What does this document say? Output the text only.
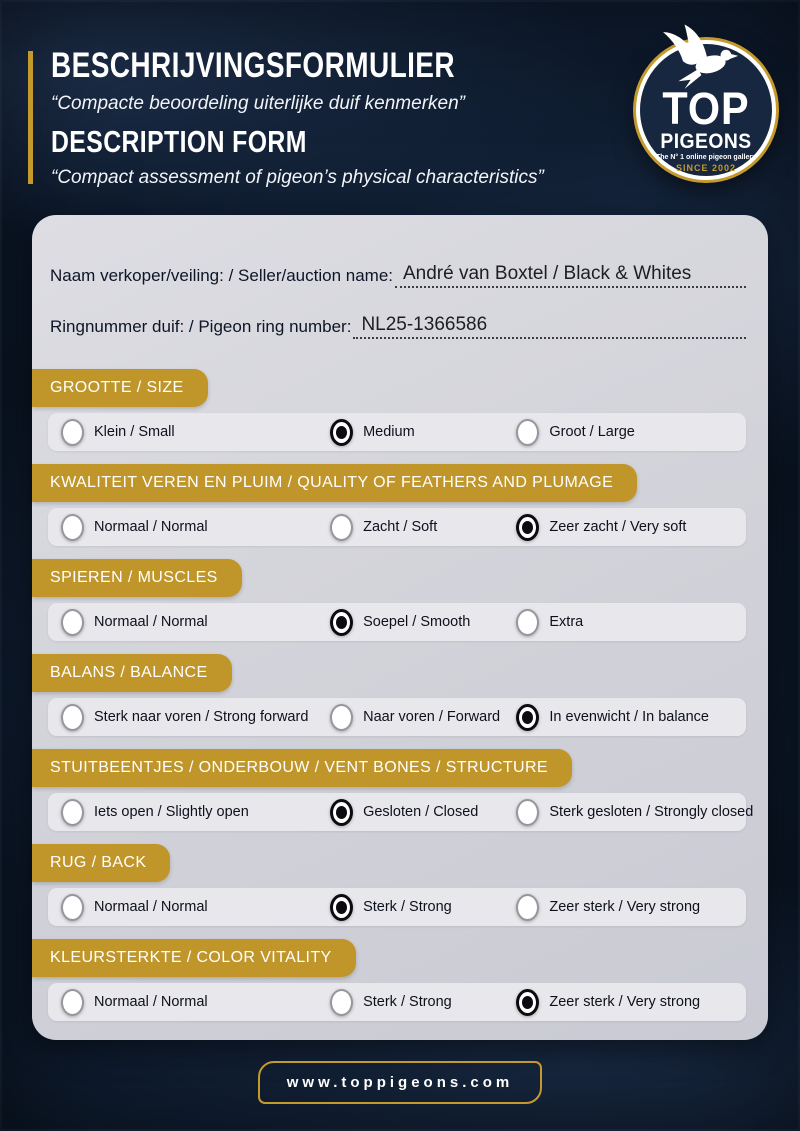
BESCHRIJVINGSFORMULIER

“Compacte beoordeling uiterlijke duif kenmerken”

DESCRIPTION FORM

“Compact assessment of pigeon’s physical characteristics”

TOP
PIGEONS
The N° 1 online pigeon gallery
SINCE 2002
Naam verkoper/veiling: / Seller/auction name: André van Boxtel / Black & Whites
Ringnummer duif: / Pigeon ring number: NL25-1366586
GROOTTE / SIZE
Klein / Small	Medium	Groot / Large
KWALITEIT VEREN EN PLUIM / QUALITY OF FEATHERS AND PLUMAGE
Normaal / Normal	Zacht / Soft	Zeer zacht / Very soft
SPIEREN / MUSCLES
Normaal / Normal	Soepel / Smooth	Extra
BALANS / BALANCE
Sterk naar voren / Strong forward	Naar voren / Forward	In evenwicht / In balance
STUITBEENTJES / ONDERBOUW / VENT BONES / STRUCTURE
Iets open / Slightly open	Gesloten / Closed	Sterk gesloten / Strongly closed
RUG / BACK
Normaal / Normal	Sterk / Strong	Zeer sterk / Very strong
KLEURSTERKTE / COLOR VITALITY
Normaal / Normal	Sterk / Strong	Zeer sterk / Very strong
www.toppigeons.com
